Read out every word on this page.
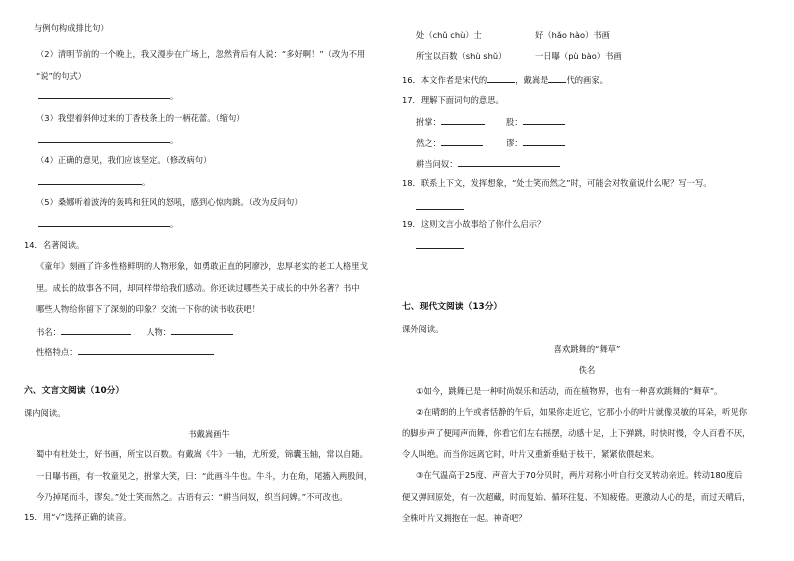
与例句构成排比句）
（2）清明节前的一个晚上，我又漫步在广场上，忽然背后有人说：“多好啊！”（改为不用
“说”的句式）
。
（3）我望着斜伸过来的丁香枝条上的一柄花蕾。（缩句）
。
（4）正确的意见，我们应该坚定。（修改病句）
。
（5）桑娜听着波涛的轰鸣和狂风的怒吼，感到心惊肉跳。（改为反问句）
。
14．名著阅读。
《童年》刻画了许多性格鲜明的人物形象，如勇敢正直的阿廖沙，忠厚老实的老工人格里戈
里。成长的故事各不同，却同样带给我们感动。你还读过哪些关于成长的中外名著？书中
哪些人物给你留下了深刻的印象？交流一下你的读书收获吧！
书名：	人物：
性格特点：
六、文言文阅读（10分）
课内阅读。
书戴嵩画牛
蜀中有杜处士，好书画，所宝以百数。有戴嵩《牛》一轴，尤所爱，锦囊玉轴，常以自随。
一日曝书画，有一牧童见之，拊掌大笑，曰：“此画斗牛也。牛斗，力在角，尾搐入两股间，
今乃掉尾而斗，谬矣。”处士笑而然之。古语有云：“耕当问奴，织当问婢。”不可改也。
15．用“√”选择正确的读音。
处（chǔ chù）士	好（hǎo hào）书画
所宝以百数（shù shǔ）	一日曝（pù bào）书画
16．本文作者是宋代的	，戴嵩是 代的画家。
17．理解下面词句的意思。
拊掌：	股：
然之：	谬：
耕当问奴：
18．联系上下文，发挥想象，“处士笑而然之”时，可能会对牧童说什么呢？写一写。
19．这则文言小故事给了你什么启示？
七、现代文阅读（13分）
课外阅读。
喜欢跳舞的“舞草”
佚名
①如今，跳舞已是一种时尚娱乐和活动，而在植物界，也有一种喜欢跳舞的“舞草”。
②在晴朗的上午或者恬静的午后，如果你走近它，它那小小的叶片就像灵敏的耳朵，听见你
的脚步声了便闻声而舞，你看它们左右摇摆，动感十足，上下弹跳，时快时慢，令人百看不厌，
令人叫绝。而当你远离它时，叶片又重新垂贴于枝干，紧紧依偎起来。
③在气温高于25度、声音大于70分贝时，两片对称小叶自行交叉转动亲近。转动180度后
便又弹回原处，有一次超藏，时而复始、循环往复、不知疲倦。更激动人心的是，而过天晴后，
全株叶片又拥抱在一起。神奇吧？
